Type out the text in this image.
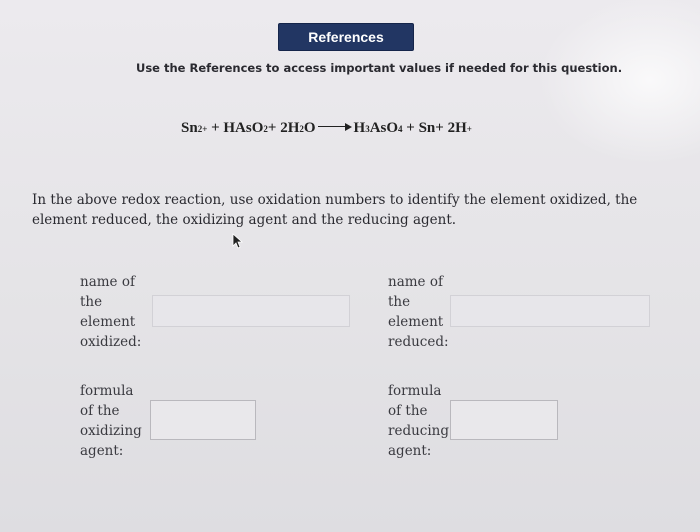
References
Use the References to access important values if needed for this question.
Sn 2+ + HAsO 2 + 2H 2 O	H 3 AsO 4 + Sn+ 2H +
In the above redox reaction, use oxidation numbers to identify the element oxidized, the element reduced, the oxidizing agent and the reducing agent.
name of
the
element
oxidized:
name of
the
element
reduced:
formula
of the
oxidizing
agent:
formula
of the
reducing
agent:
